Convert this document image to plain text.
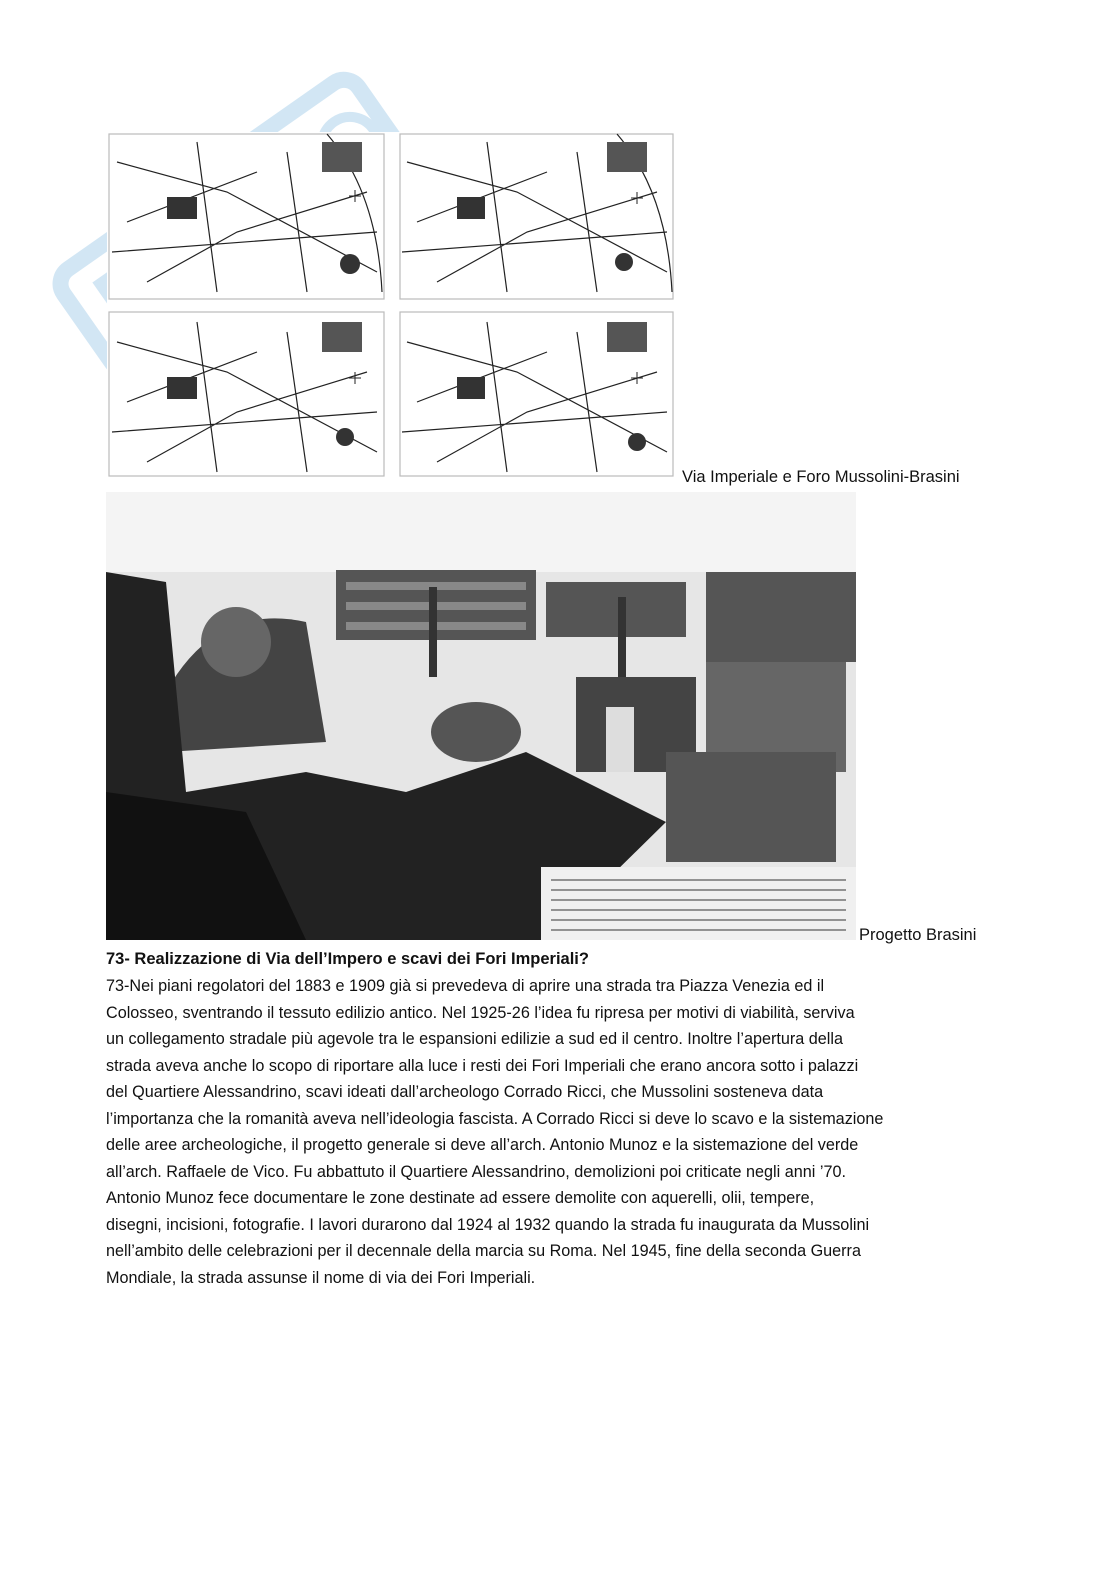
Via Imperiale e Foro Mussolini-Brasini
Progetto Brasini
73- Realizzazione di Via dell’Impero e scavi dei Fori Imperiali?

73-Nei piani regolatori del 1883 e 1909 già si prevedeva di aprire una strada tra Piazza Venezia ed il

Colosseo, sventrando il tessuto edilizio antico. Nel 1925-26 l’idea fu ripresa per motivi di viabilità, serviva

un collegamento stradale più agevole tra le espansioni edilizie a sud ed il centro. Inoltre l’apertura della

strada aveva anche lo scopo di riportare alla luce i resti dei Fori Imperiali che erano ancora sotto i palazzi

del Quartiere Alessandrino, scavi ideati dall’archeologo Corrado Ricci, che Mussolini sosteneva data

l’importanza che la romanità aveva nell’ideologia fascista. A Corrado Ricci si deve lo scavo e la sistemazione

delle aree archeologiche, il progetto generale si deve all’arch. Antonio Munoz e la sistemazione del verde

all’arch. Raffaele de Vico. Fu abbattuto il Quartiere Alessandrino, demolizioni poi criticate negli anni ’70.

Antonio Munoz fece documentare le zone destinate ad essere demolite con aquerelli, olii, tempere,

disegni, incisioni, fotografie. I lavori durarono dal 1924 al 1932 quando la strada fu inaugurata da Mussolini

nell’ambito delle celebrazioni per il decennale della marcia su Roma. Nel 1945, fine della seconda Guerra

Mondiale, la strada assunse il nome di via dei Fori Imperiali.
